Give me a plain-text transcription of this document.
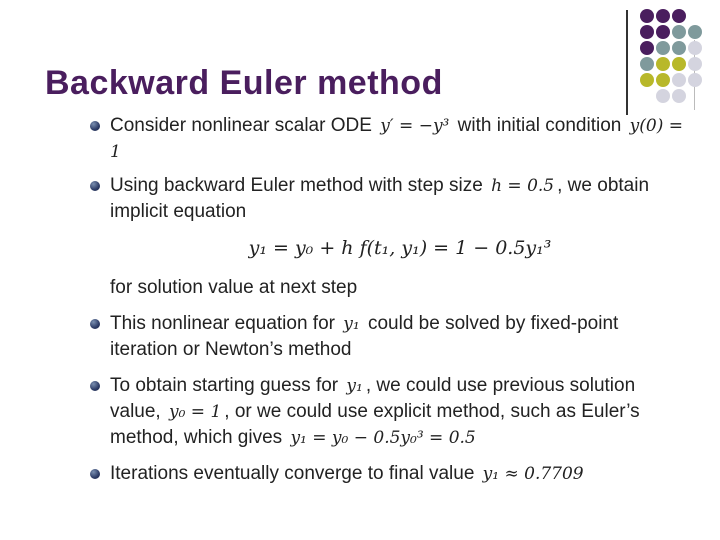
Backward Euler method
Consider nonlinear scalar ODE y′ = −y³ with initial condition y(0) = 1
Using backward Euler method with step size h = 0.5 , we obtain implicit equation
y₁ = y₀ + h f(t₁, y₁) = 1 − 0.5y₁³
for solution value at next step
This nonlinear equation for y₁ could be solved by fixed-point iteration or Newton’s method
To obtain starting guess for y₁ , we could use previous solution value, y₀ = 1 , or we could use explicit method, such as Euler’s method, which gives y₁ = y₀ − 0.5y₀³ = 0.5
Iterations eventually converge to final value y₁ ≈ 0.7709
